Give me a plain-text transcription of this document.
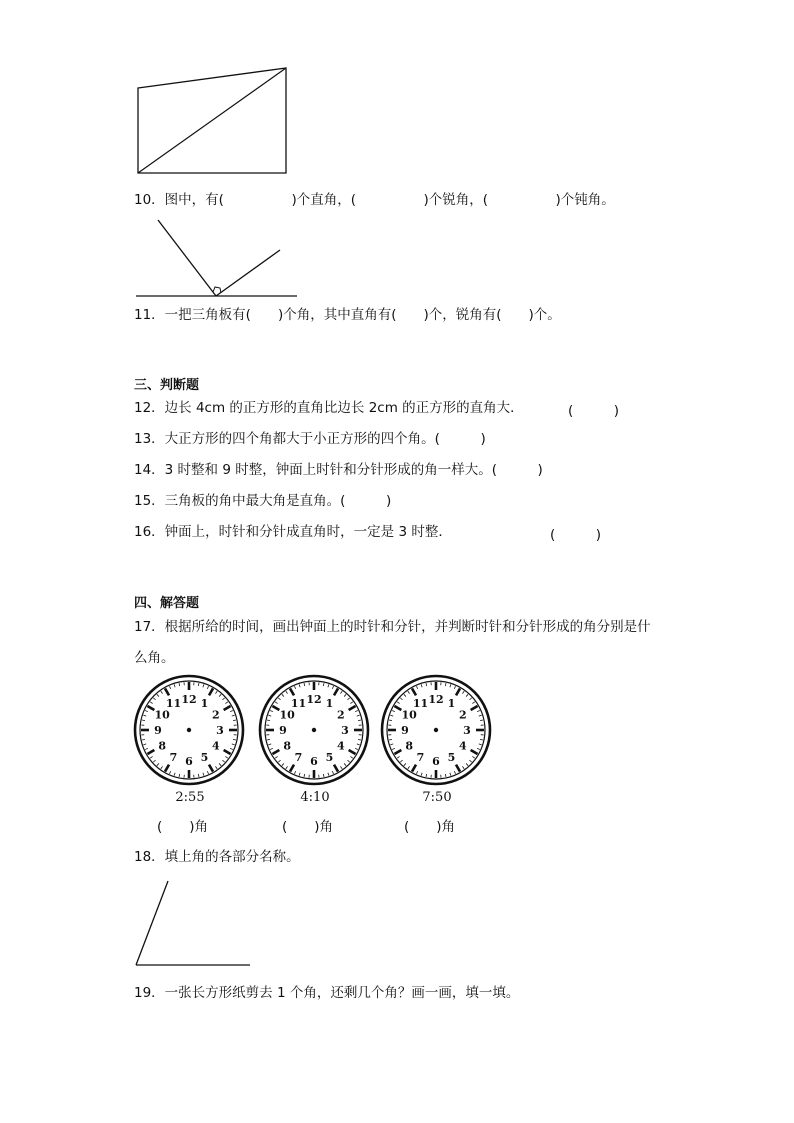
10．图中，有(　　　　　)个直角，(　　　　　)个锐角，(　　　　　)个钝角。
11．一把三角板有(　　)个角，其中直角有(　　)个，锐角有(　　)个。
三、判断题
12．边长 4cm 的正方形的直角比边长 2cm 的正方形的直角大．	(　　　)
13．大正方形的四个角都大于小正方形的四个角。(　　　)
14．3 时整和 9 时整，钟面上时针和分针形成的角一样大。(　　　)
15．三角板的角中最大角是直角。(　　　)
16．钟面上，时针和分针成直角时，一定是 3 时整．	(　　　)
四、解答题
17．根据所给的时间，画出钟面上的时针和分针，并判断时针和分针形成的角分别是什
么角。
12 1
2
3
4
5
6
7
8
9
10
11	12 1
2
3
4
5
6
7
8
9
10
11	12 1
2
3
4
5
6
7
8
9
10
11
2:55	4:10	7:50
(　　)角	(　　)角	(　　)角
18．填上角的各部分名称。
19．一张长方形纸剪去 1 个角，还剩几个角？画一画，填一填。
